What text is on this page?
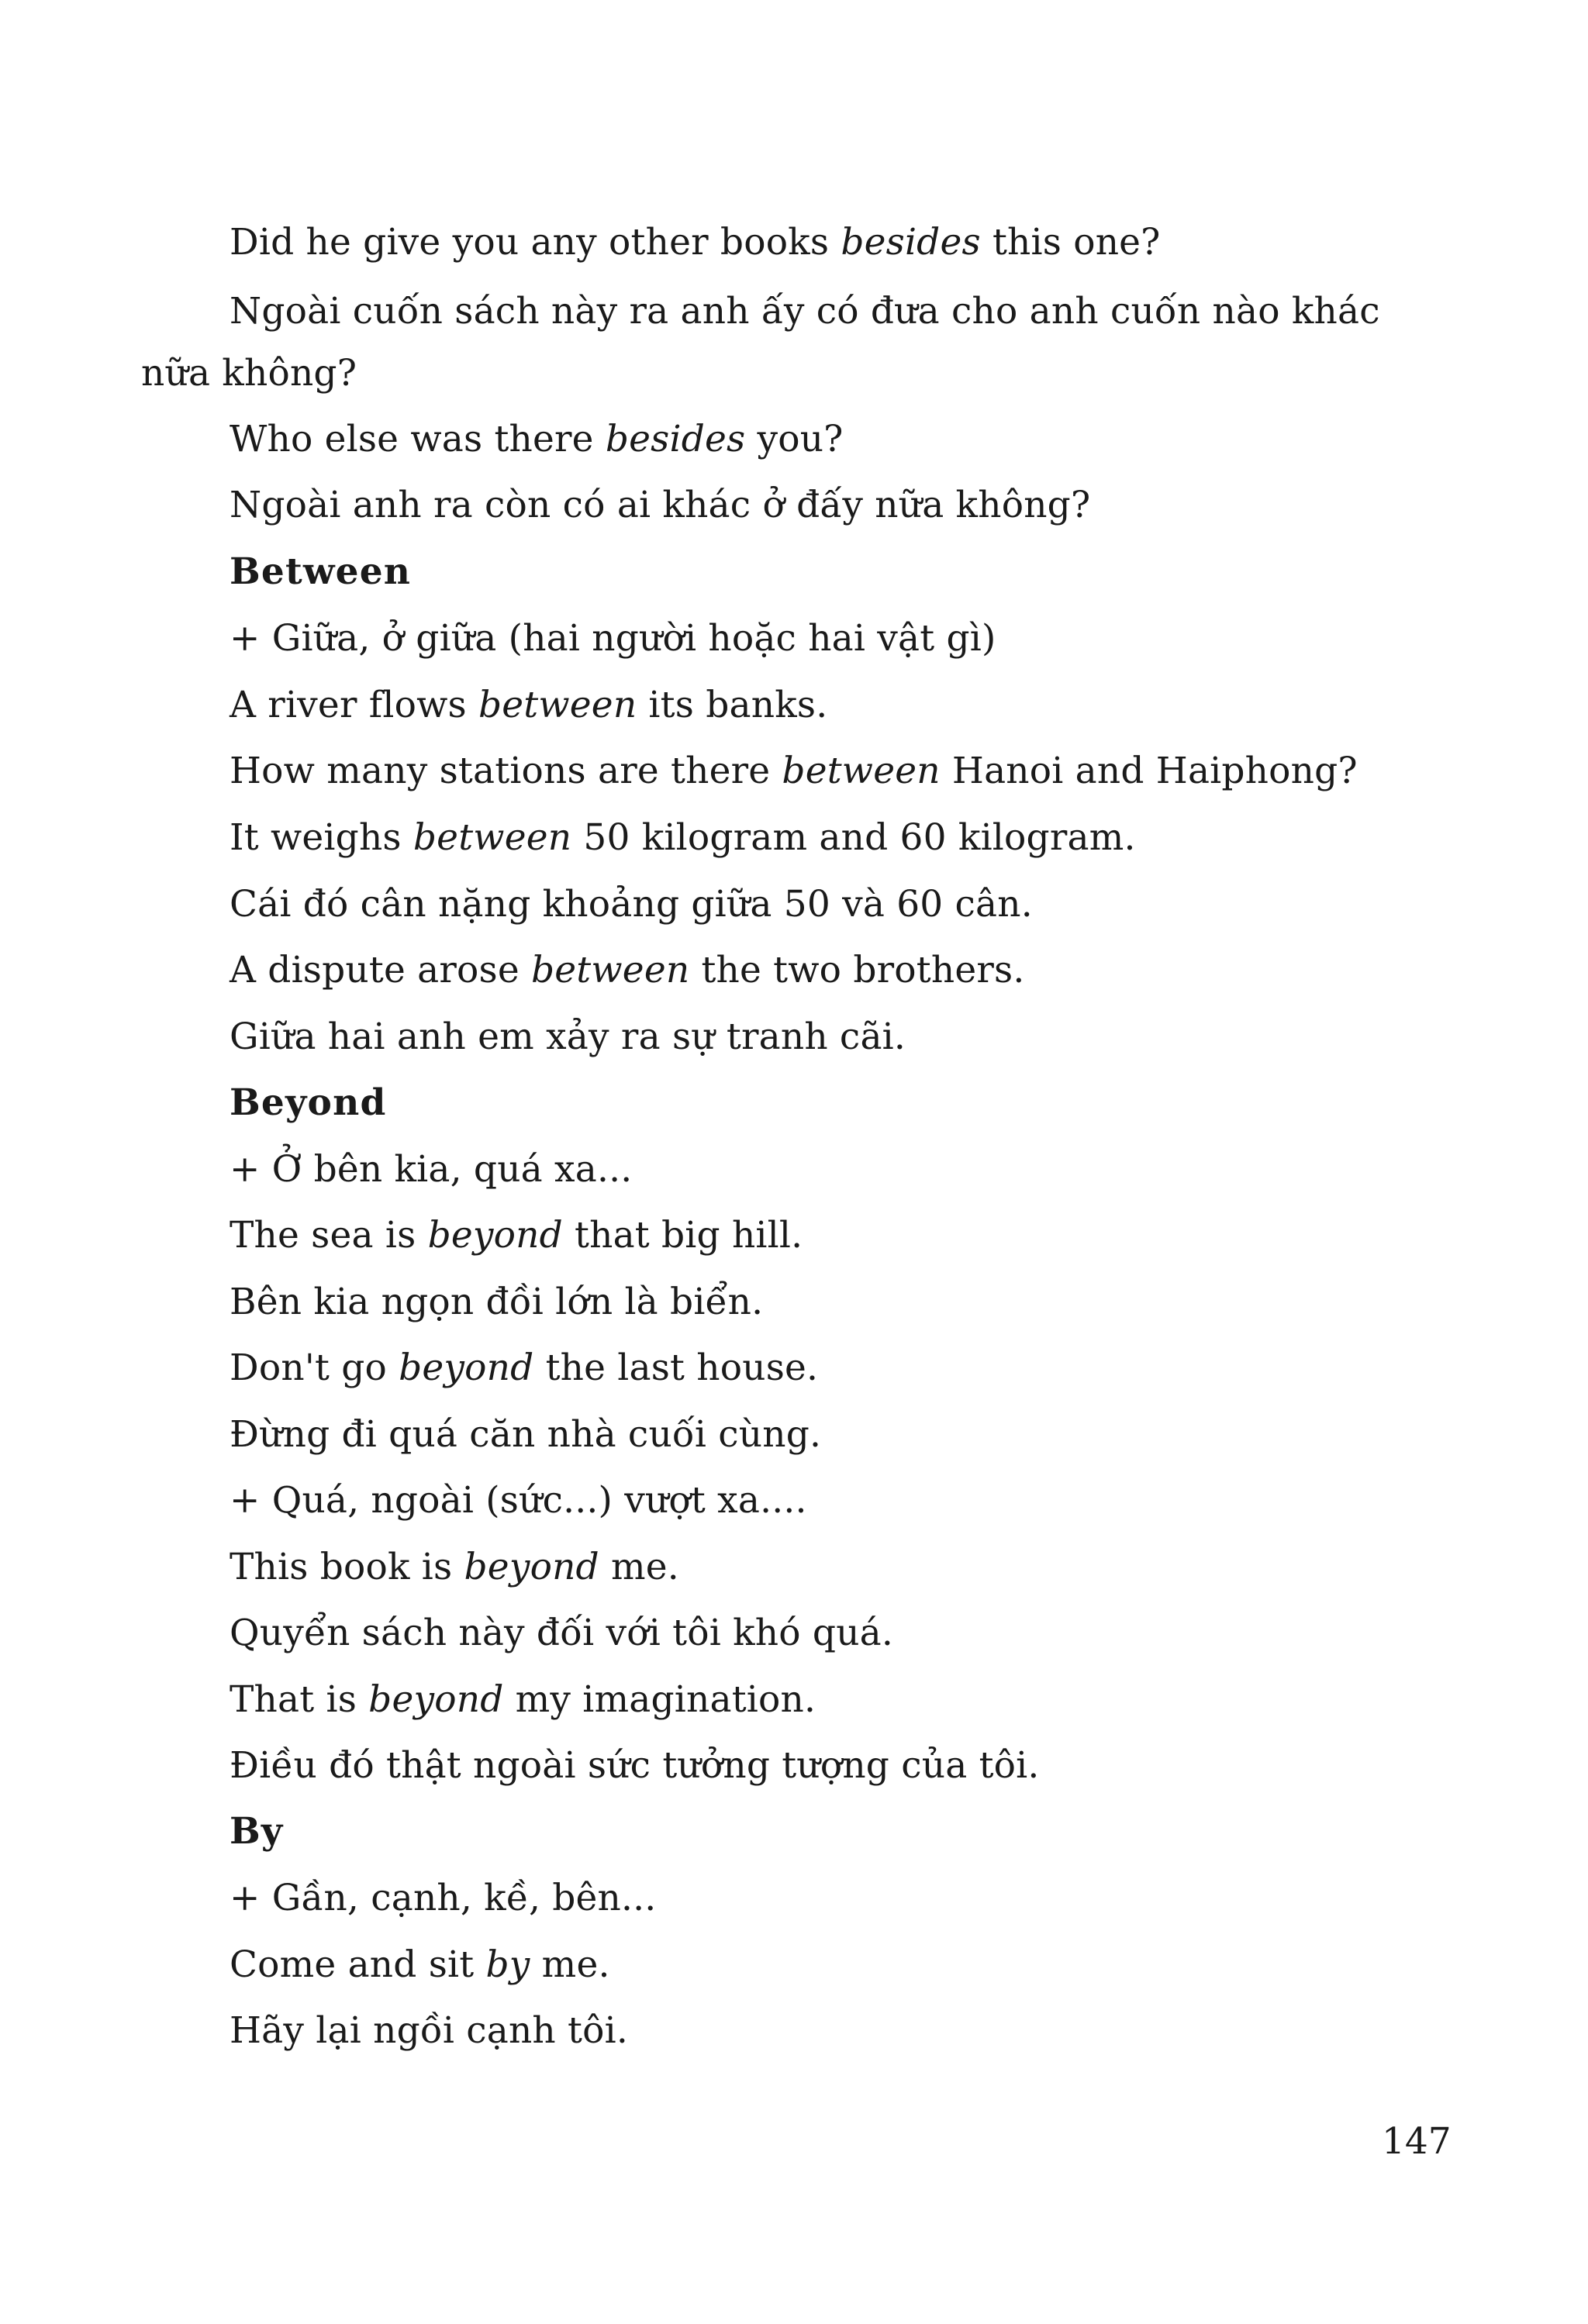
Did he give you any other books besides this one?
Ngoài cuốn sách này ra anh ấy có đưa cho anh cuốn nào khác
nữa không?
Who else was there besides you?
Ngoài anh ra còn có ai khác ở đấy nữa không?
Between
+ Giữa, ở giữa (hai người hoặc hai vật gì)
A river flows between its banks.
How many stations are there between Hanoi and Haiphong?
It weighs between 50 kilogram and 60 kilogram.
Cái đó cân nặng khoảng giữa 50 và 60 cân.
A dispute arose between the two brothers.
Giữa hai anh em xảy ra sự tranh cãi.
Beyond
+ Ở bên kia, quá xa...
The sea is beyond that big hill.
Bên kia ngọn đồi lớn là biển.
Don't go beyond the last house.
Đừng đi quá căn nhà cuối cùng.
+ Quá, ngoài (sức...) vượt xa....
This book is beyond me.
Quyển sách này đối với tôi khó quá.
That is beyond my imagination.
Điều đó thật ngoài sức tưởng tượng của tôi.
By
+ Gần, cạnh, kề, bên...
Come and sit by me.
Hãy lại ngồi cạnh tôi.
147
